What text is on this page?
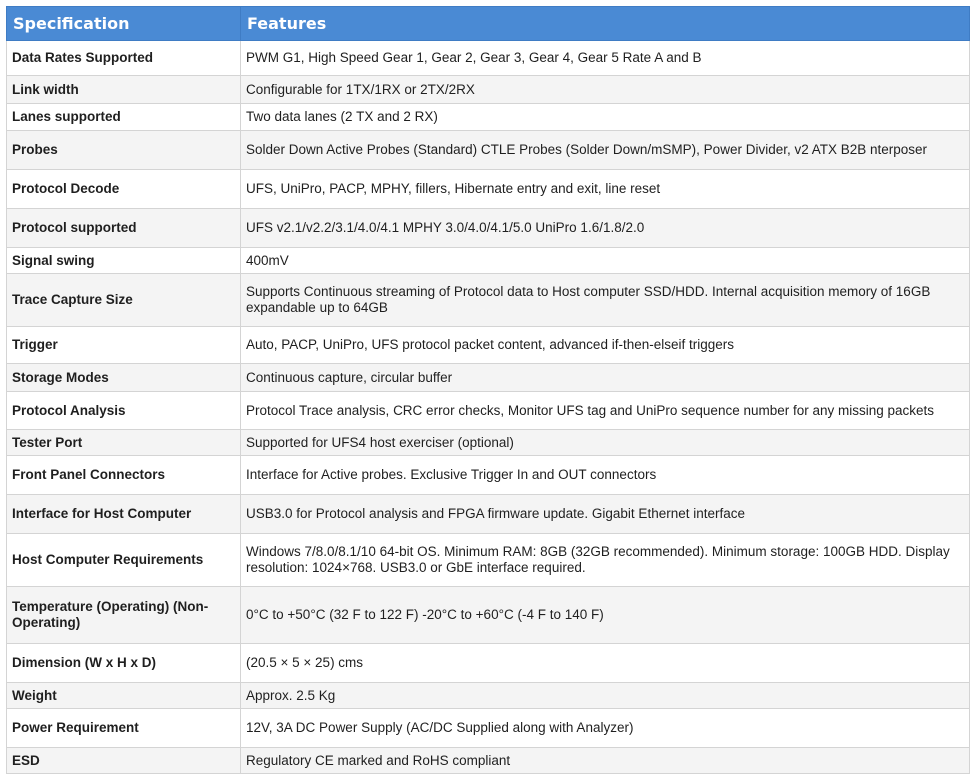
Specification	Features
Data Rates Supported	PWM G1, High Speed Gear 1, Gear 2, Gear 3, Gear 4, Gear 5 Rate A and B
Link width	Configurable for 1TX/1RX or 2TX/2RX
Lanes supported	Two data lanes (2 TX and 2 RX)
Probes	Solder Down Active Probes (Standard) CTLE Probes (Solder Down/mSMP), Power Divider, v2 ATX B2B nterposer
Protocol Decode	UFS, UniPro, PACP, MPHY, fillers, Hibernate entry and exit, line reset
Protocol supported	UFS v2.1/v2.2/3.1/4.0/4.1 MPHY 3.0/4.0/4.1/5.0 UniPro 1.6/1.8/2.0
Signal swing	400mV
Trace Capture Size	Supports Continuous streaming of Protocol data to Host computer SSD/HDD. Internal acquisition memory of 16GB expandable up to 64GB
Trigger	Auto, PACP, UniPro, UFS protocol packet content, advanced if-then-elseif triggers
Storage Modes	Continuous capture, circular buffer
Protocol Analysis	Protocol Trace analysis, CRC error checks, Monitor UFS tag and UniPro sequence number for any missing packets
Tester Port	Supported for UFS4 host exerciser (optional)
Front Panel Connectors	Interface for Active probes. Exclusive Trigger In and OUT connectors
Interface for Host Computer	USB3.0 for Protocol analysis and FPGA firmware update. Gigabit Ethernet interface
Host Computer Requirements	Windows 7/8.0/8.1/10 64-bit OS. Minimum RAM: 8GB (32GB recommended). Minimum storage: 100GB HDD. Display resolution: 1024×768. USB3.0 or GbE interface required.
Temperature (Operating) (Non-Operating)	0°C to +50°C (32 F to 122 F) -20°C to +60°C (-4 F to 140 F)
Dimension (W x H x D)	(20.5 × 5 × 25) cms
Weight	Approx. 2.5 Kg
Power Requirement	12V, 3A DC Power Supply (AC/DC Supplied along with Analyzer)
ESD	Regulatory CE marked and RoHS compliant
